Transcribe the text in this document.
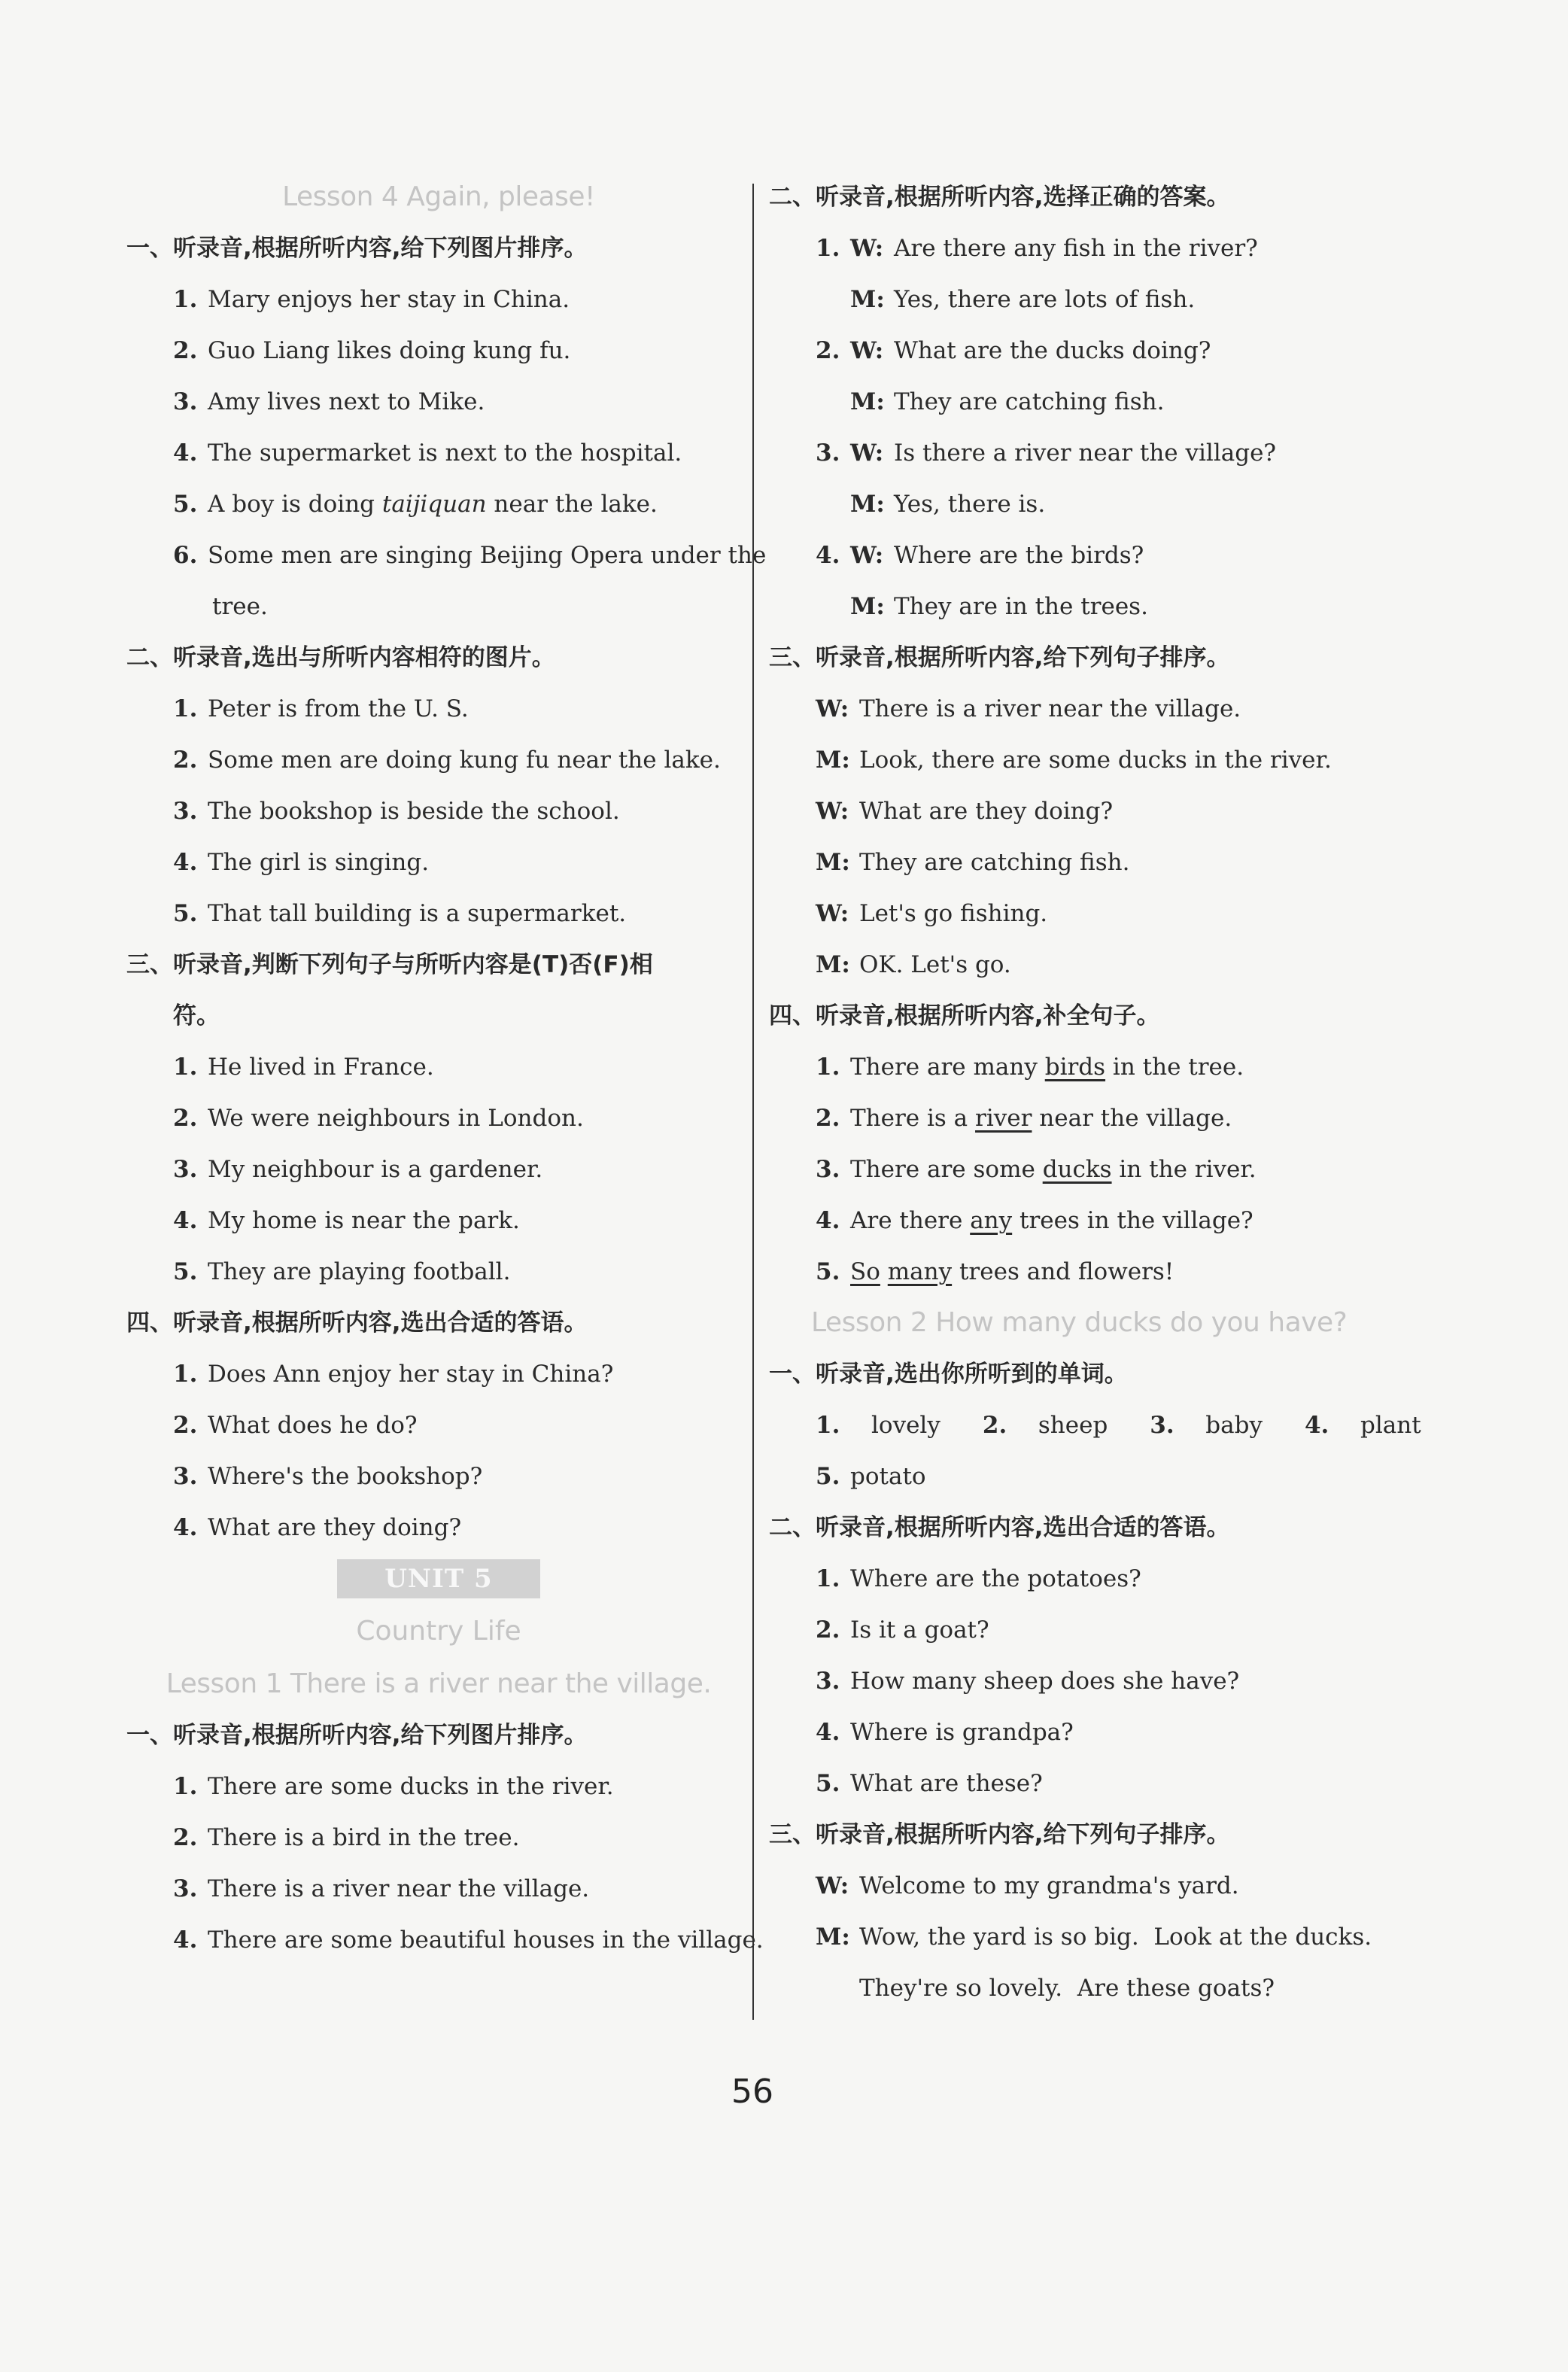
Lesson 4 Again, please!
一、听录音,根据所听内容,给下列图片排序。
1. Mary enjoys her stay in China.
2. Guo Liang likes doing kung fu.
3. Amy lives next to Mike.
4. The supermarket is next to the hospital.
5. A boy is doing taijiquan near the lake.
6. Some men are singing Beijing Opera under the
tree.
二、听录音,选出与所听内容相符的图片。
1. Peter is from the U. S.
2. Some men are doing kung fu near the lake.
3. The bookshop is beside the school.
4. The girl is singing.
5. That tall building is a supermarket.
三、听录音,判断下列句子与所听内容是(T)否(F)相
符。
1. He lived in France.
2. We were neighbours in London.
3. My neighbour is a gardener.
4. My home is near the park.
5. They are playing football.
四、听录音,根据所听内容,选出合适的答语。
1. Does Ann enjoy her stay in China?
2. What does he do?
3. Where's the bookshop?
4. What are they doing?
UNIT 5
Country Life
Lesson 1 There is a river near the village.
一、听录音,根据所听内容,给下列图片排序。
1. There are some ducks in the river.
2. There is a bird in the tree.
3. There is a river near the village.
4. There are some beautiful houses in the village.
二、听录音,根据所听内容,选择正确的答案。
1. W: Are there any fish in the river?
M: Yes, there are lots of fish.
2. W: What are the ducks doing?
M: They are catching fish.
3. W: Is there a river near the village?
M: Yes, there is.
4. W: Where are the birds?
M: They are in the trees.
三、听录音,根据所听内容,给下列句子排序。
W: There is a river near the village.
M: Look, there are some ducks in the river.
W: What are they doing?
M: They are catching fish.
W: Let's go fishing.
M: OK. Let's go.
四、听录音,根据所听内容,补全句子。
1. There are many birds in the tree.
2. There is a river near the village.
3. There are some ducks in the river.
4. Are there any trees in the village?
5. So many trees and flowers!
Lesson 2 How many ducks do you have?
一、听录音,选出你所听到的单词。
1. lovely 2. sheep 3. baby 4. plant
5. potato
二、听录音,根据所听内容,选出合适的答语。
1. Where are the potatoes?
2. Is it a goat?
3. How many sheep does she have?
4. Where is grandpa?
5. What are these?
三、听录音,根据所听内容,给下列句子排序。
W: Welcome to my grandma's yard.
M: Wow, the yard is so big.  Look at the ducks.
They're so lovely.  Are these goats?
56
